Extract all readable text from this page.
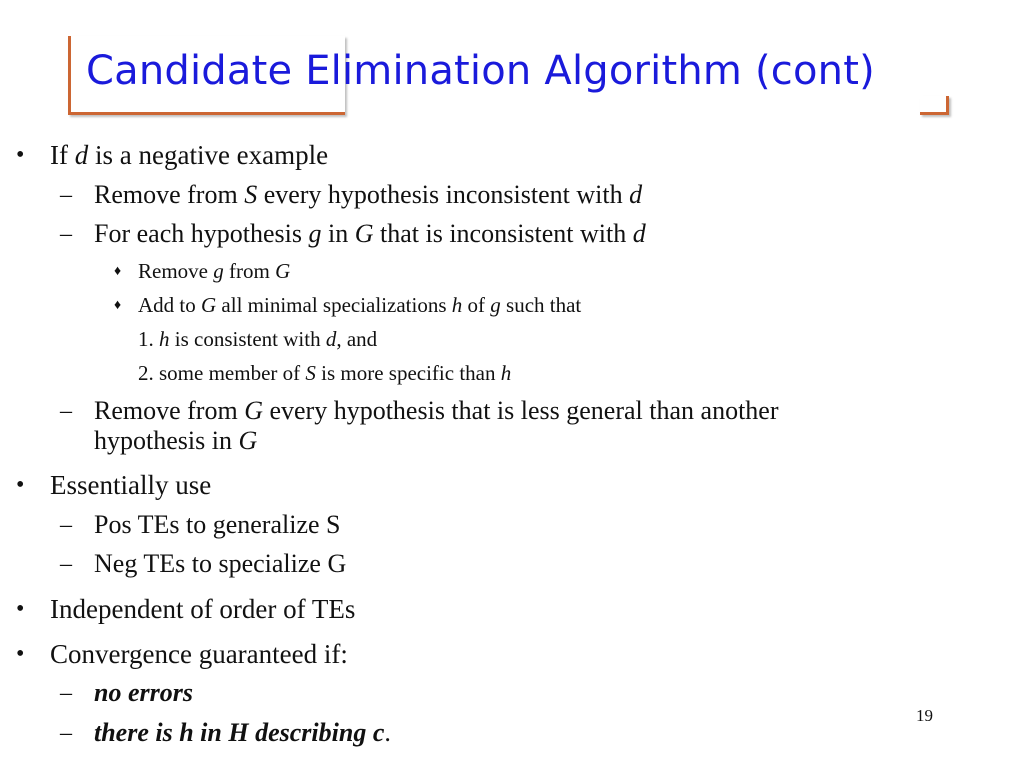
Candidate Elimination Algorithm (cont)
• If d is a negative example
– Remove from S every hypothesis inconsistent with d
– For each hypothesis g in G that is inconsistent with d
♦ Remove g from G
♦ Add to G all minimal specializations h of g such that
1. h is consistent with d, and
2. some member of S is more specific than h
– Remove from G every hypothesis that is less general than another
hypothesis in G
• Essentially use
– Pos TEs to generalize S
– Neg TEs to specialize G
• Independent of order of TEs
• Convergence guaranteed if:
– no errors
– there is h in H describing c.
19
